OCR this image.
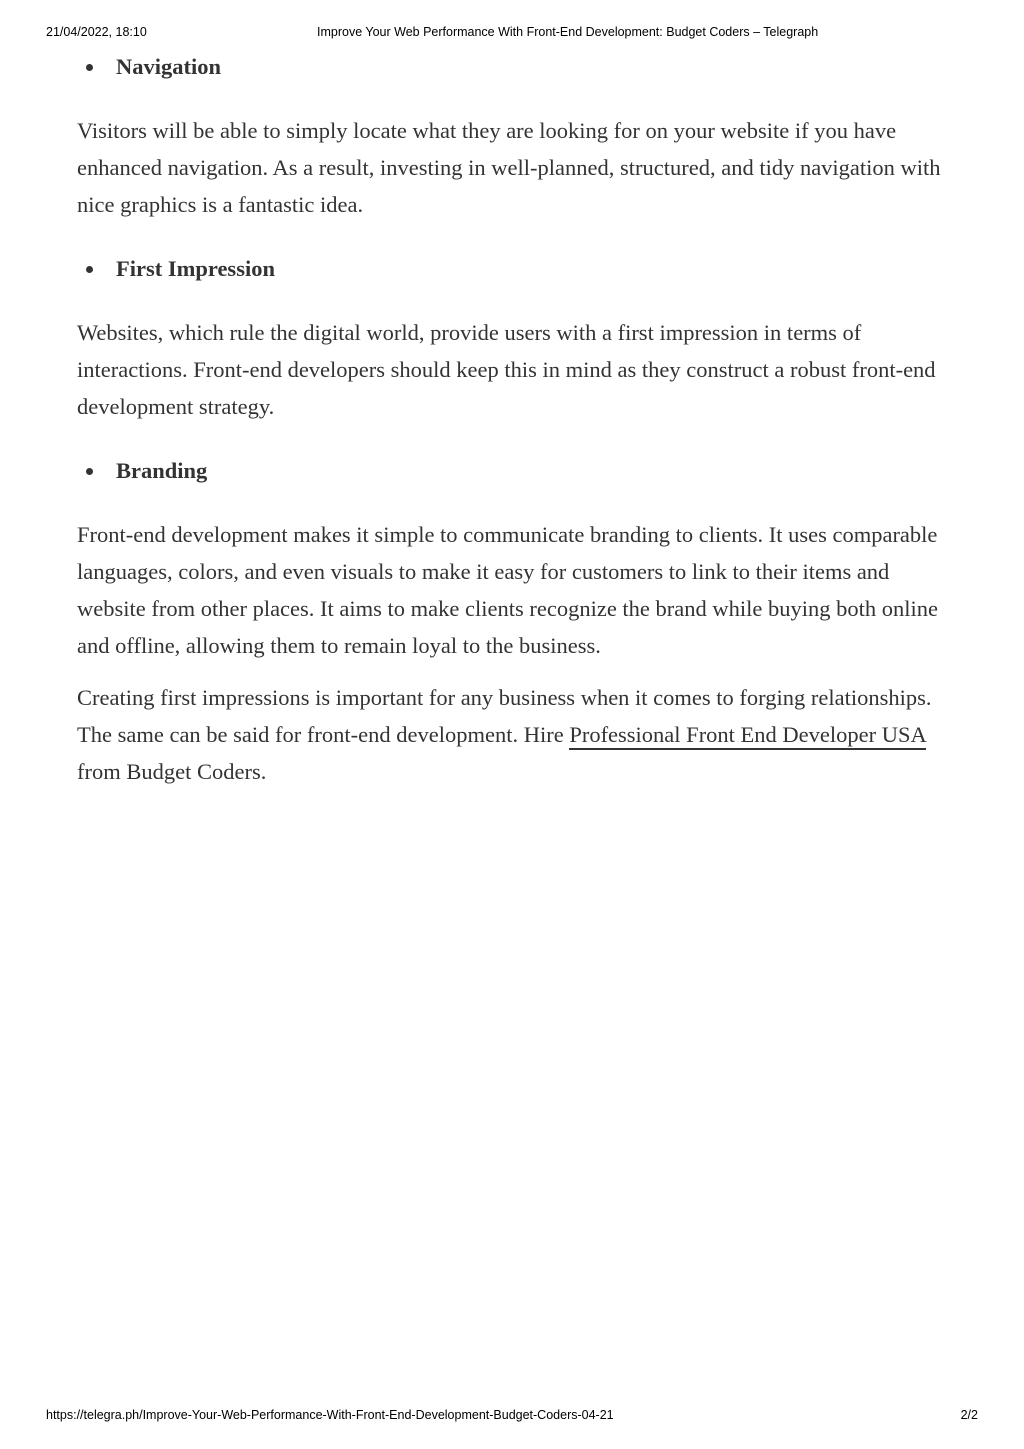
21/04/2022, 18:10	Improve Your Web Performance With Front-End Development: Budget Coders – Telegraph
Navigation

Visitors will be able to simply locate what they are looking for on your website if you have enhanced navigation. As a result, investing in well-planned, structured, and tidy navigation with nice graphics is a fantastic idea.

First Impression

Websites, which rule the digital world, provide users with a first impression in terms of interactions. Front-end developers should keep this in mind as they construct a robust front-end development strategy.

Branding

Front-end development makes it simple to communicate branding to clients. It uses comparable languages, colors, and even visuals to make it easy for customers to link to their items and website from other places. It aims to make clients recognize the brand while buying both online and offline, allowing them to remain loyal to the business.

Creating first impressions is important for any business when it comes to forging relationships. The same can be said for front-end development. Hire Professional Front End Developer USA from Budget Coders.

https://telegra.ph/Improve-Your-Web-Performance-With-Front-End-Development-Budget-Coders-04-21	2/2
